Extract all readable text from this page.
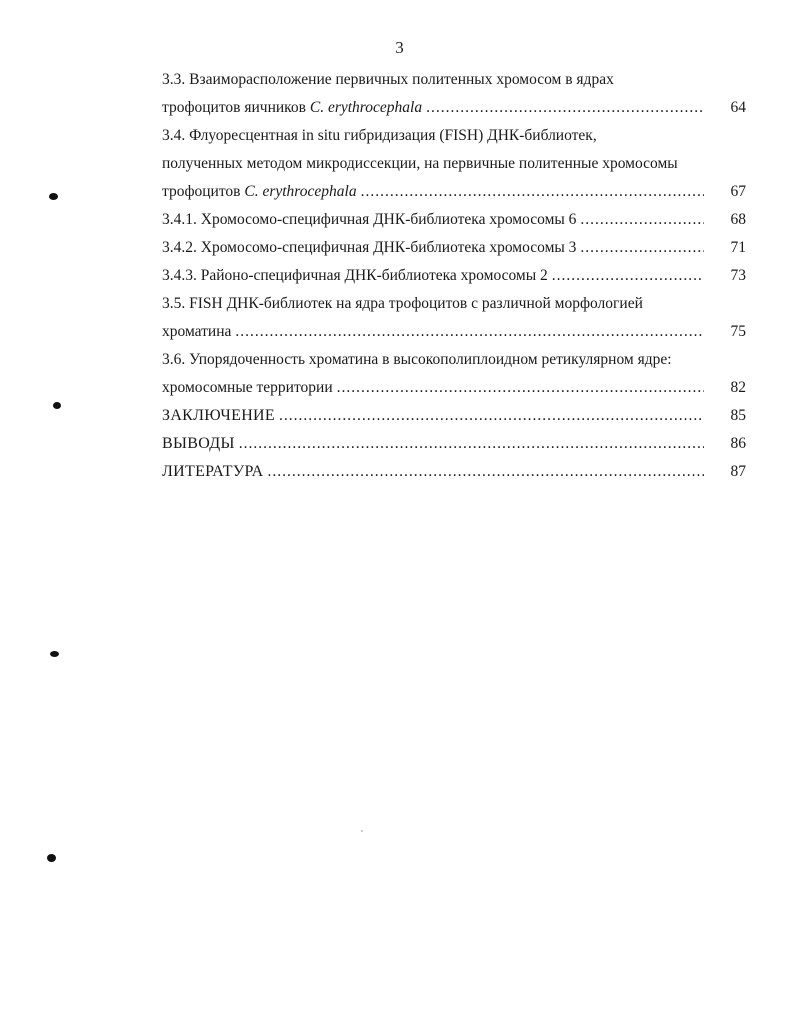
3
3.3. Взаиморасположение первичных политенных хромосом в ядрах
трофоцитов яичников C. erythrocephala .....	64
3.4. Флуоресцентная in situ гибридизация (FISH) ДНК-библиотек,
полученных методом микродиссекции, на первичные политенные хромосомы
трофоцитов C. erythrocephala .....	67
3.4.1. Хромосомо-специфичная ДНК-библиотека хромосомы 6 .....	68
3.4.2. Хромосомо-специфичная ДНК-библиотека хромосомы 3 .....	71
3.4.3. Районо-специфичная ДНК-библиотека хромосомы 2 .....	73
3.5. FISH ДНК-библиотек на ядра трофоцитов с различной морфологией
хроматина .....	75
3.6. Упорядоченность хроматина в высокополиплоидном ретикулярном ядре:
хромосомные территории .....	82
ЗАКЛЮЧЕНИЕ .....	85
ВЫВОДЫ .....	86
ЛИТЕРАТУРА .....	87
